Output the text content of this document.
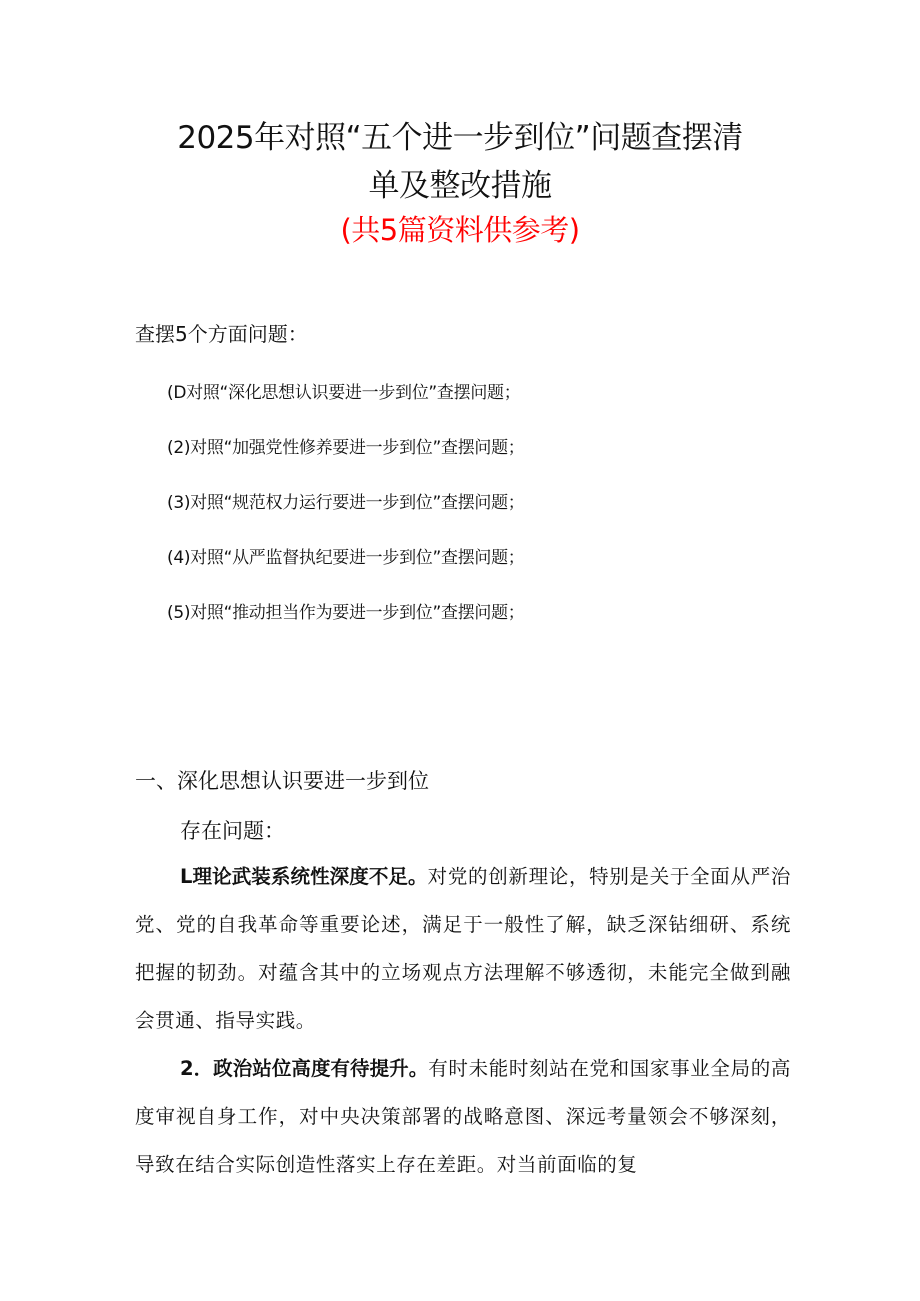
2025年对照“五个进一步到位”问题查摆清
单及整改措施
(共5篇资料供参考)
查摆5个方面问题：
(D对照“深化思想认识要进一步到位”查摆问题；
(2)对照“加强党性修养要进一步到位”查摆问题；
(3)对照“规范权力运行要进一步到位”查摆问题；
(4)对照“从严监督执纪要进一步到位”查摆问题；
(5)对照“推动担当作为要进一步到位”查摆问题；
一、深化思想认识要进一步到位
存在问题：

L理论武装系统性深度不足。对党的创新理论，特别是关于全面从严治党、党的自我革命等重要论述，满足于一般性了解，缺乏深钻细研、系统把握的韧劲。对蕴含其中的立场观点方法理解不够透彻，未能完全做到融会贯通、指导实践。

2．政治站位高度有待提升。有时未能时刻站在党和国家事业全局的高度审视自身工作，对中央决策部署的战略意图、深远考量领会不够深刻，导致在结合实际创造性落实上存在差距。对当前面临的复
